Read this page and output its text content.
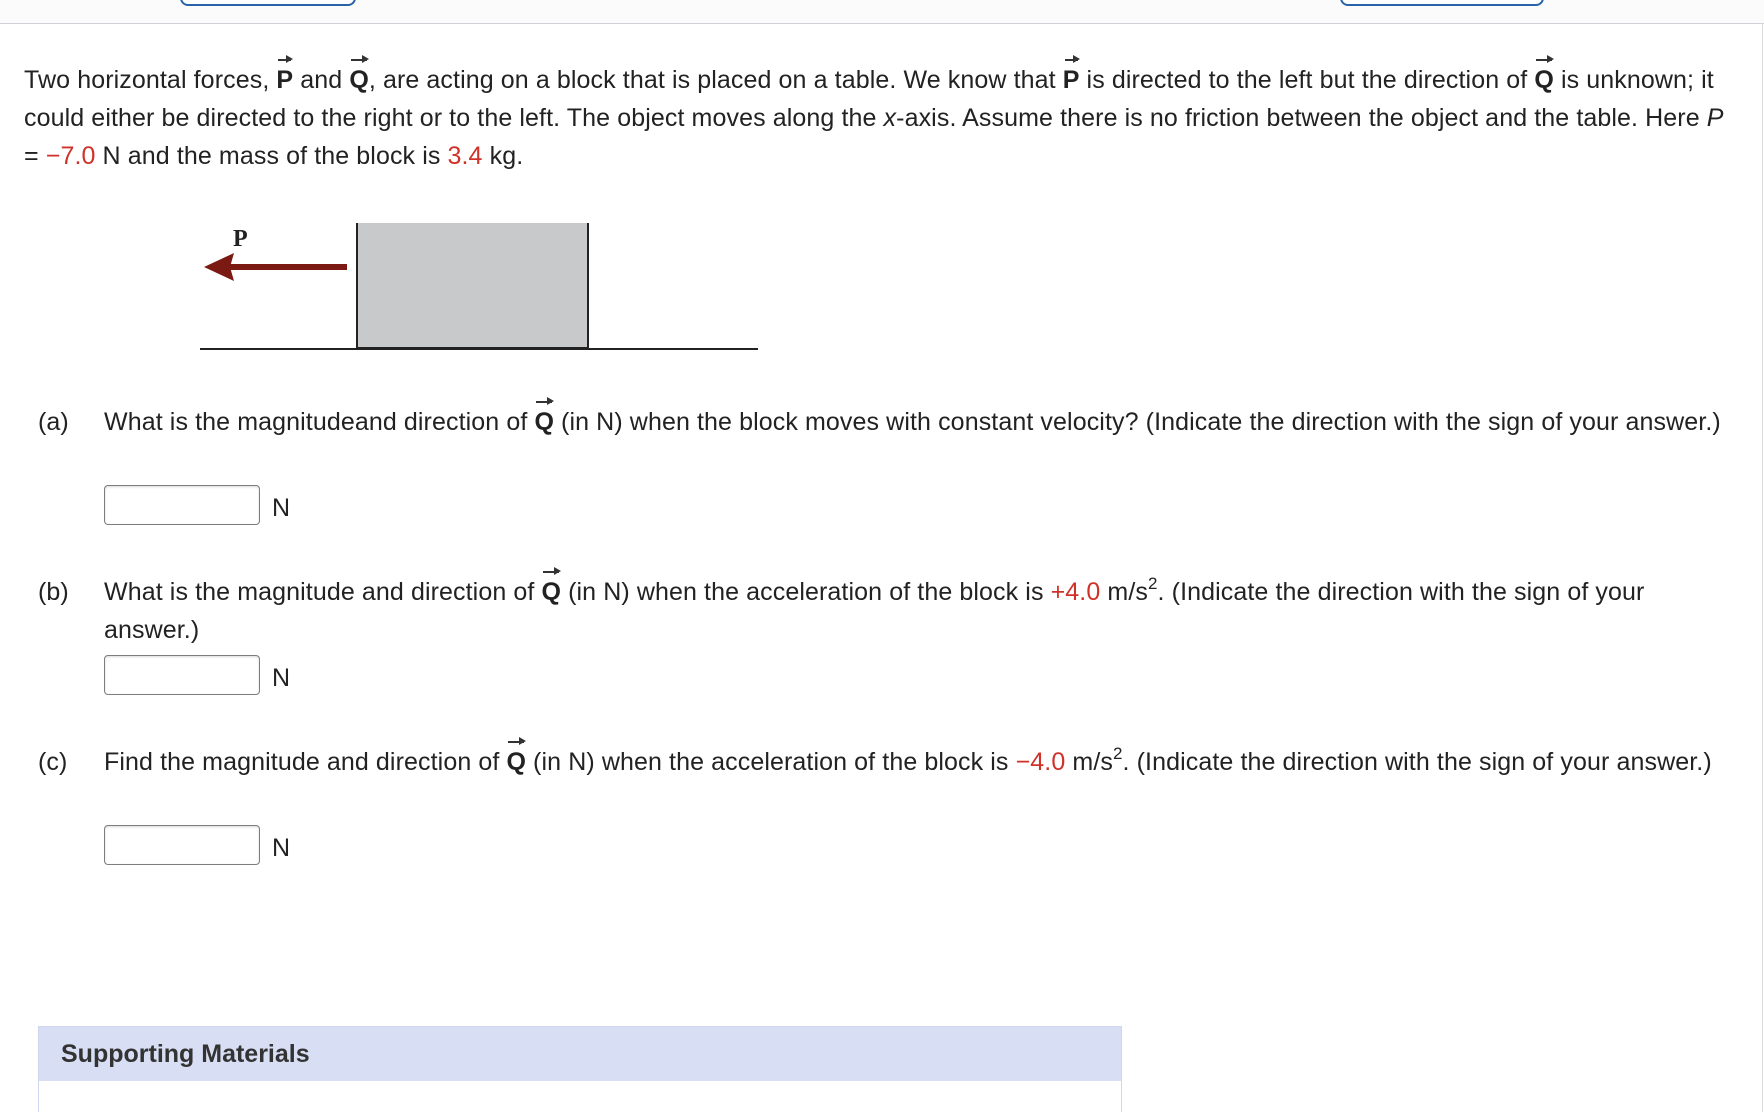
Two horizontal forces, P and Q, are acting on a block that is placed on a table. We know that P is directed to the left but the direction of Q is unknown; it could either be directed to the right or to the left. The object moves along the x-axis. Assume there is no friction between the object and the table. Here P = −7.0 N and the mass of the block is 3.4 kg.
P
(a) What is the magnitudeand direction of Q (in N) when the block moves with constant velocity? (Indicate the direction with the sign of your answer.)
N
(b) What is the magnitude and direction of Q (in N) when the acceleration of the block is +4.0 $m/s^2$. (Indicate the direction with the sign of your answer.)
N
(c) Find the magnitude and direction of Q (in N) when the acceleration of the block is −4.0 $m/s^2$. (Indicate the direction with the sign of your answer.)
N
Supporting Materials
